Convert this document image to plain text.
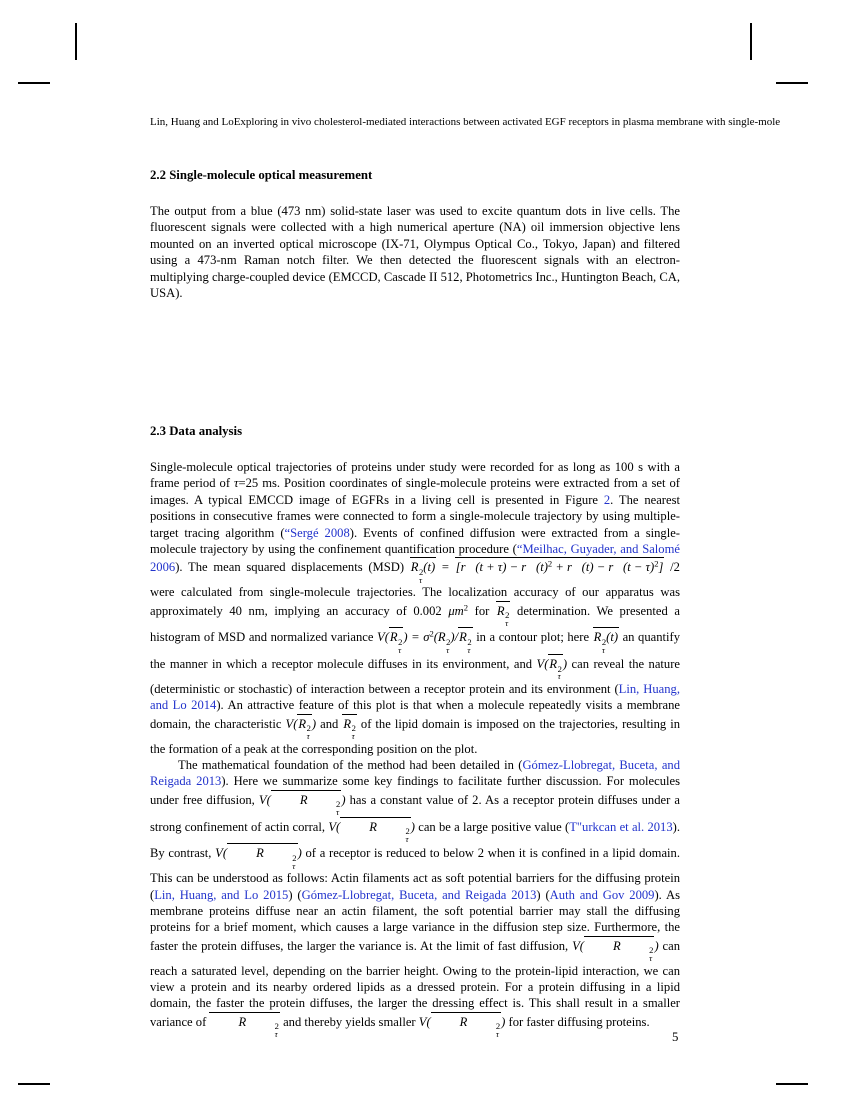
Lin, Huang and LoExploring in vivo cholesterol-mediated interactions between activated EGF receptors in plasma membrane with single-mole
2.2 Single-molecule optical measurement
The output from a blue (473 nm) solid-state laser was used to excite quantum dots in live cells. The fluorescent signals were collected with a high numerical aperture (NA) oil immersion objective lens mounted on an inverted optical microscope (IX-71, Olympus Optical Co., Tokyo, Japan) and filtered using a 473-nm Raman notch filter. We then detected the fluorescent signals with an electron-multiplying charge-coupled device (EMCCD, Cascade II 512, Photometrics Inc., Huntington Beach, CA, USA).
2.3 Data analysis
Single-molecule optical trajectories of proteins under study were recorded for as long as 100 s with a frame period of τ=25 ms. Position coordinates of single-molecule proteins were extracted from a set of images. A typical EMCCD image of EGFRs in a living cell is presented in Figure 2. The nearest positions in consecutive frames were connected to form a single-molecule trajectory by using multiple-target tracing algorithm (“Sergé 2008). Events of confined diffusion were extracted from a single-molecule trajectory by using the confinement quantification procedure (“Meilhac, Guyader, and Salomé 2006). The mean squared displacements (MSD) R 2
τ
(t) = [r⃗(t + $\tau) - r⃗(t)^2$ + r⃗(t) − r⃗(t − τ)$^2$] /2 were calculated from single-molecule trajectories. The localization accuracy of our apparatus was approximately 40 nm, implying an accuracy of 0.002 $\mu m^2$ for R 2
τ
determination. We presented a histogram of MSD and normalized variance V(R 2
τ
) = $\sigma^2(R$ 2
τ
)/R 2
τ
in a contour plot; here R 2
τ
(t) an quantify the manner in which a receptor molecule diffuses in its environment, and V(R 2
τ
) can reveal the nature (deterministic or stochastic) of interaction between a receptor protein and its environment (Lin, Huang, and Lo 2014). An attractive feature of this plot is that when a molecule repeatedly visits a membrane domain, the characteristic V(R 2
τ
) and R 2
τ
of the lipid domain is imposed on the trajectories, resulting in the formation of a peak at the corresponding position on the plot.
The mathematical foundation of the method had been detailed in (Gómez-Llobregat, Buceta, and Reigada 2013). Here we summarize some key findings to facilitate further discussion. For molecules under free diffusion, V( R	2
τ
) has a constant value of 2. As a receptor protein diffuses under a strong confinement of actin corral, V( R	2
τ
) can be a large positive value (T"urkcan et al. 2013). By contrast, V( R	2
τ
) of a receptor is reduced to below 2 when it is confined in a lipid domain. This can be understood as follows: Actin filaments act as soft potential barriers for the diffusing protein (Lin, Huang, and Lo 2015) (Gómez-Llobregat, Buceta, and Reigada 2013) (Auth and Gov 2009). As membrane proteins diffuse near an actin filament, the soft potential barrier may stall the diffusing proteins for a brief moment, which causes a large variance in the diffusion step size. Furthermore, the faster the protein diffuses, the larger the variance is. At the limit of fast diffusion, V( R	2
τ
) can reach a saturated level, depending on the barrier height. Owing to the protein-lipid interaction, we can view a protein and its nearby ordered lipids as a dressed protein. For a protein diffusing in a lipid domain, the faster the protein diffuses, the larger the dressing effect is. This shall result in a smaller variance of R	2
τ
and thereby yields smaller V( R	2
τ
) for faster diffusing proteins.
5
